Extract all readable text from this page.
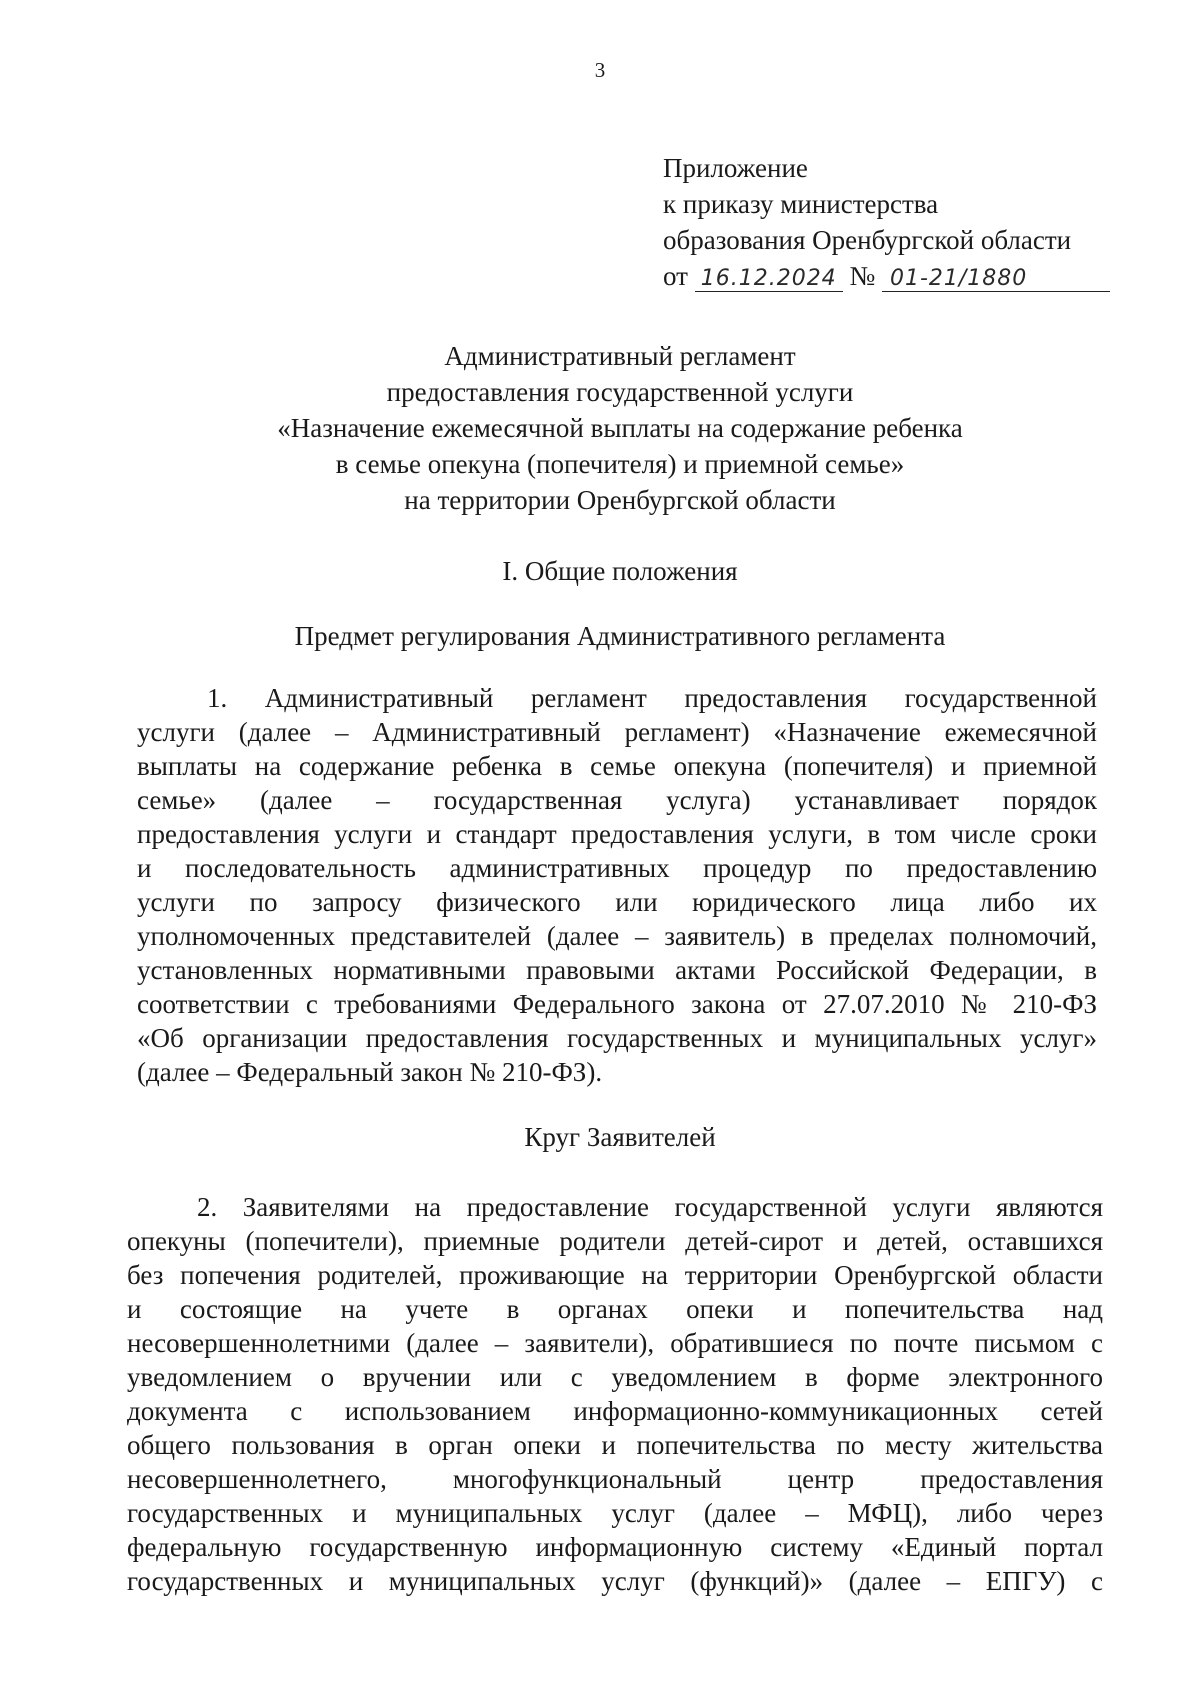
3
Приложение
к приказу министерства
образования Оренбургской области
от 16.12.2024 № 01-21/1880
Административный регламент
предоставления государственной услуги
«Назначение ежемесячной выплаты на содержание ребенка
в семье опекуна (попечителя) и приемной семье»
на территории Оренбургской области
I. Общие положения
Предмет регулирования Административного регламента
1. Административный регламент предоставления государственной
услуги (далее – Административный регламент) «Назначение ежемесячной
выплаты на содержание ребенка в семье опекуна (попечителя) и приемной
семье» (далее – государственная услуга) устанавливает порядок
предоставления услуги и стандарт предоставления услуги, в том числе сроки
и последовательность административных процедур по предоставлению
услуги по запросу физического или юридического лица либо их
уполномоченных представителей (далее – заявитель) в пределах полномочий,
установленных нормативными правовыми актами Российской Федерации, в
соответствии с требованиями Федерального закона от 27.07.2010 № 210-ФЗ
«Об организации предоставления государственных и муниципальных услуг»
(далее – Федеральный закон № 210-ФЗ).
Круг Заявителей
2. Заявителями на предоставление государственной услуги являются
опекуны (попечители), приемные родители детей-сирот и детей, оставшихся
без попечения родителей, проживающие на территории Оренбургской области
и состоящие на учете в органах опеки и попечительства над
несовершеннолетними (далее – заявители), обратившиеся по почте письмом с
уведомлением о вручении или с уведомлением в форме электронного
документа с использованием информационно-коммуникационных сетей
общего пользования в орган опеки и попечительства по месту жительства
несовершеннолетнего, многофункциональный центр предоставления
государственных и муниципальных услуг (далее – МФЦ), либо через
федеральную государственную информационную систему «Единый портал
государственных и муниципальных услуг (функций)» (далее – ЕПГУ) с
